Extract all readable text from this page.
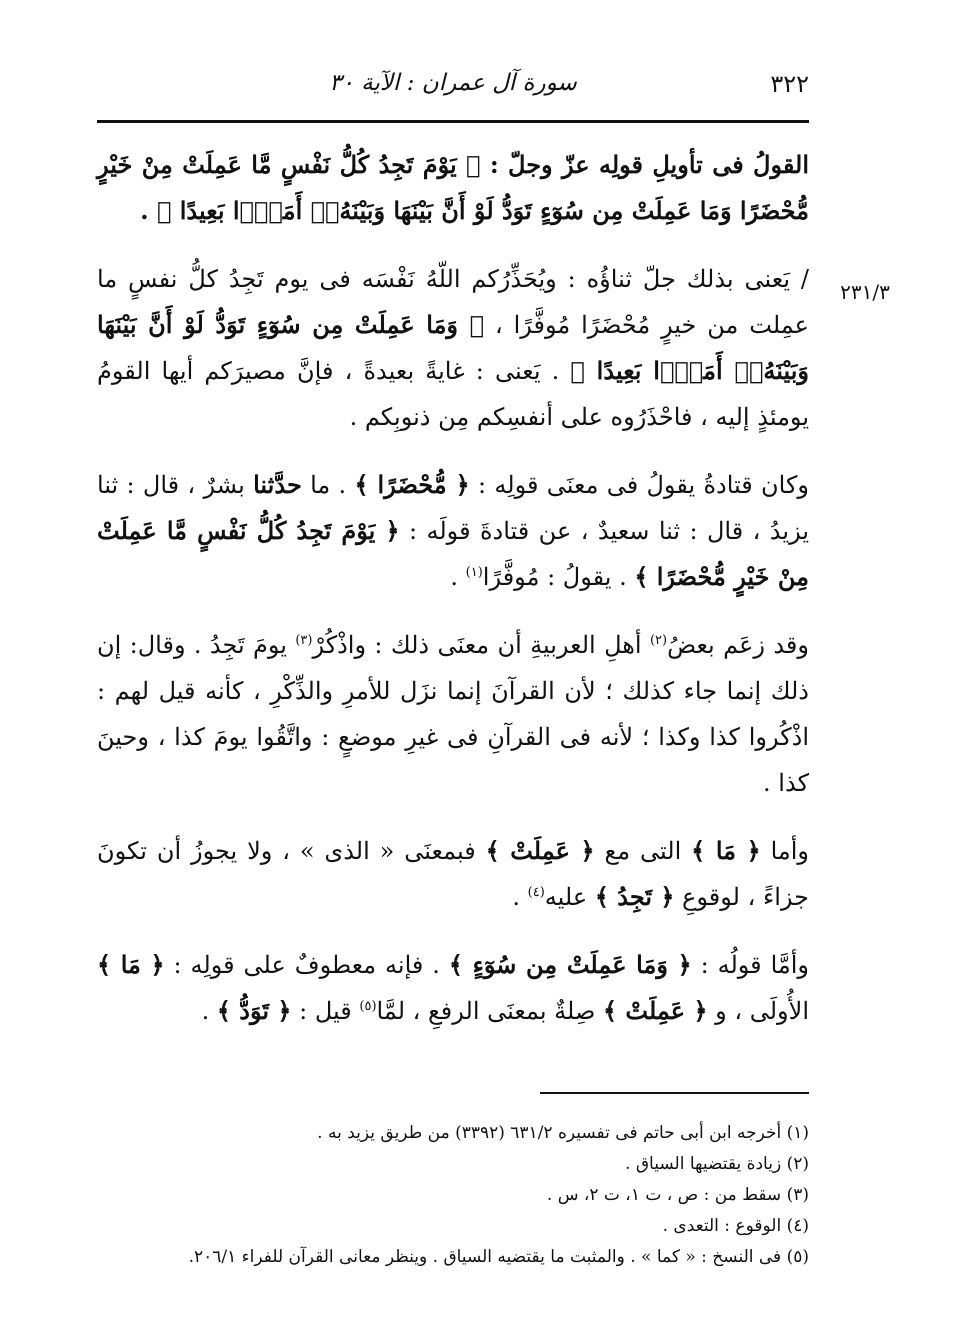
٣٢٢
سورة آل عمران : الآية ٣٠
٢٣١/٣

القولُ فى تأويلِ قولِه عزّ وجلّ : ﴿ يَوْمَ تَجِدُ كُلُّ نَفْسٍ مَّا عَمِلَتْ مِنْ خَيْرٍ مُّحْضَرًا وَمَا عَمِلَتْ مِن سُوٓءٍ تَوَدُّ لَوْ أَنَّ بَيْنَهَا وَبَيْنَهُۥٓ أَمَدًۢا بَعِيدًا ﴾ .

/ يَعنى بذلك جلّ ثناؤُه : ويُحَذِّرُكم اللّهُ نَفْسَه فى يوم تَجِدُ كلُّ نفسٍ ما عمِلت من خيرٍ مُحْضَرًا مُوفَّرًا ، ﴿ وَمَا عَمِلَتْ مِن سُوٓءٍ تَوَدُّ لَوْ أَنَّ بَيْنَهَا وَبَيْنَهُۥٓ أَمَدًۢا بَعِيدًا ﴾ . يَعنى : غايةً بعيدةً ، فإنَّ مصيرَكم أيها القومُ يومئذٍ إليه ، فاحْذَرُوه على أنفسِكم مِن ذنوبِكم .

وكان قتادةُ يقولُ فى معنَى قولِه : ﴿ مُّحْضَرًا ﴾ . ما حدَّثنا بشرٌ ، قال : ثنا يزيدُ ، قال : ثنا سعيدٌ ، عن قتادةَ قولَه : ﴿ يَوْمَ تَجِدُ كُلُّ نَفْسٍ مَّا عَمِلَتْ مِنْ خَيْرٍ مُّحْضَرًا ﴾ . يقولُ : مُوفَّرًا$^{(١)}$ .

وقد زعَم بعضُ$^{(٢)}$ أهلِ العربيةِ أن معنَى ذلك : واذْكُرْ$^{(٣)}$ يومَ تَجِدُ . وقال: إن ذلك إنما جاء كذلك ؛ لأن القرآنَ إنما نزَل للأمرِ والذِّكْرِ ، كأنه قيل لهم : اذْكُروا كذا وكذا ؛ لأنه فى القرآنِ فى غيرِ موضعٍ : واتَّقُوا يومَ كذا ، وحينَ كذا .

وأما ﴿ مَا ﴾ التى مع ﴿ عَمِلَتْ ﴾ فبمعنَى « الذى » ، ولا يجوزُ أن تكونَ جزاءً ، لوقوعِ ﴿ تَجِدُ ﴾ عليه$^{(٤)}$ .

وأمَّا قولُه : ﴿ وَمَا عَمِلَتْ مِن سُوٓءٍ ﴾ . فإنه معطوفٌ على قولِه : ﴿ مَا ﴾ الأُولَى ، و ﴿ عَمِلَتْ ﴾ صِلةٌ بمعنَى الرفعِ ، لمَّا$^{(٥)}$ قيل : ﴿ تَوَدُّ ﴾ .

(١) أخرجه ابن أبى حاتم فى تفسيره ٦٣١/٢ (٣٣٩٢) من طريق يزيد به .
(٢) زيادة يقتضيها السياق .
(٣) سقط من : ص ، ت ١، ت ٢، س .
(٤) الوقوع : التعدى .
(٥) فى النسخ : « كما » . والمثبت ما يقتضيه السياق . وينظر معانى القرآن للفراء ٢٠٦/١.
